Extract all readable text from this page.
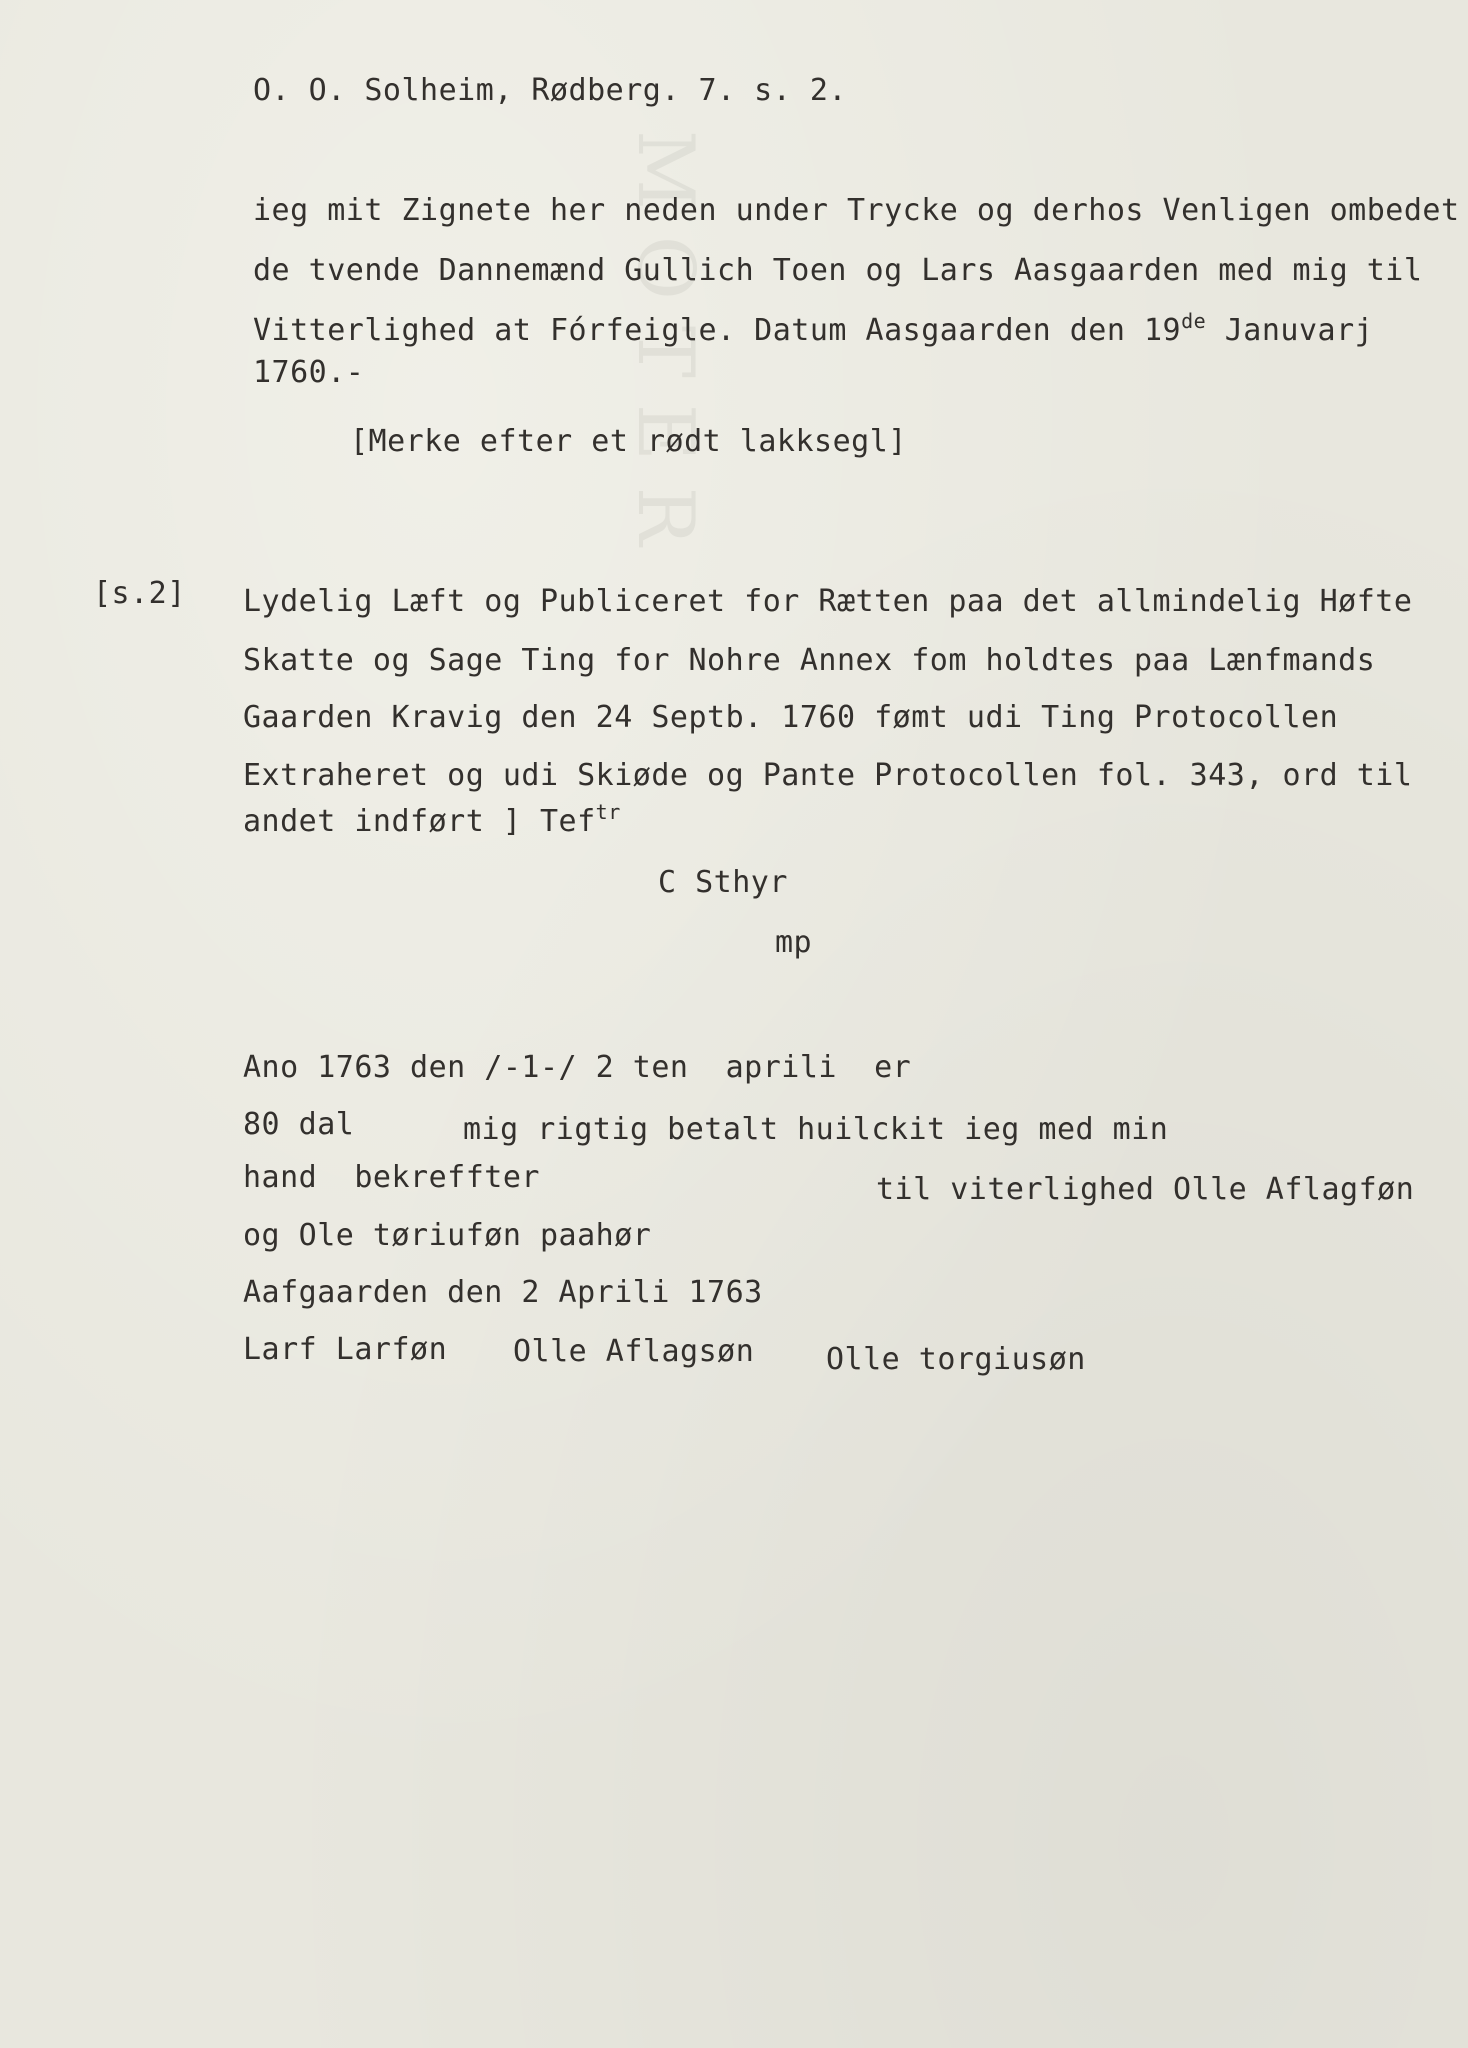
MOTER
O. O. Solheim, Rødberg. 7. s. 2.
ieg mit Zignete her neden under Trycke og derhos Venligen ombedet
de tvende Dannemænd Gullich Toen og Lars Aasgaarden med mig til
Vitterlighed at Fórfeigle. Datum Aasgaarden den 19de Januvarj
1760.-
[Merke efter et rødt lakksegl]
[s.2] Lydelig Læft og Publiceret for Rætten paa det allmindelig Høfte
Skatte og Sage Ting for Nohre Annex fom holdtes paa Lænfmands
Gaarden Kravig den 24 Septb. 1760 fømt udi Ting Protocollen
Extraheret og udi Skiøde og Pante Protocollen fol. 343, ord til
andet indført ] Tef$^{tr}$
C Sthyr
mp
Ano 1763 den /-1-/ 2 ten  aprili  er
80 dal	mig rigtig betalt huilckit ieg med min
hand  bekreffter	til viterlighed Olle Aflagføn
og Ole tøriuføn paahør
Aafgaarden den 2 Aprili 1763
Larf Larføn Olle Aflagsøn Olle torgiusøn
